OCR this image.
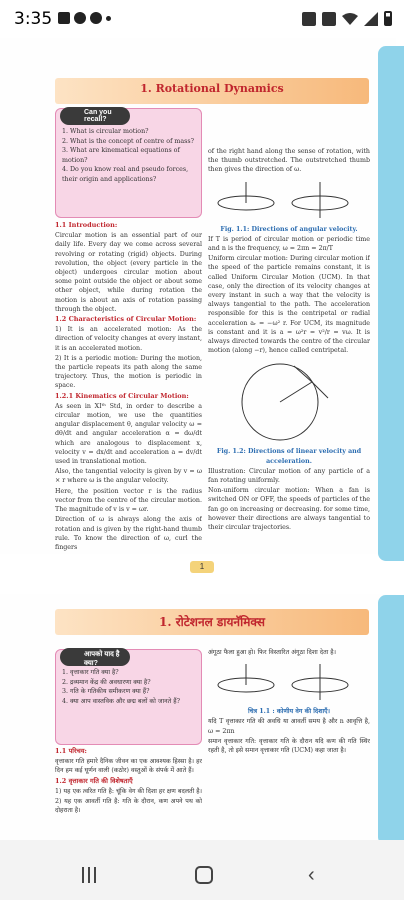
3:35
1. Rotational Dynamics
Can you recall?
1. What is circular motion?
2. What is the concept of centre of mass?
3. What are kinematical equations of motion?
4. Do you know real and pseudo forces, their origin and applications?

1.1 Introduction:

Circular motion is an essential part of our daily life. Every day we come across several revolving or rotating (rigid) objects. During revolution, the object (every particle in the object) undergoes circular motion about some point outside the object or about some other object, while during rotation the motion is about an axis of rotation passing through the object.

1.2 Characteristics of Circular Motion:

1) It is an accelerated motion: As the direction of velocity changes at every instant, it is an accelerated motion.

2) It is a periodic motion: During the motion, the particle repeats its path along the same trajectory. Thus, the motion is periodic in space.

1.2.1 Kinematics of Circular Motion:

As seen in XIᵗʰ Std, in order to describe a circular motion, we use the quantities angular displacement θ, angular velocity ω = dθ/dt and angular acceleration α = dω/dt which are analogous to displacement x, velocity v = dx/dt and acceleration a = dv/dt used in translational motion.

Also, the tangential velocity is given by v = ω × r where ω is the angular velocity.

Here, the position vector r is the radius vector from the centre of the circular motion. The magnitude of v is v = ωr.

Direction of ω is always along the axis of rotation and is given by the right-hand thumb rule. To know the direction of ω, curl the fingers

of the right hand along the sense of rotation, with the thumb outstretched. The outstretched thumb then gives the direction of ω.

Fig. 1.1: Directions of angular velocity.

If T is period of circular motion or periodic time and n is the frequency, ω = 2πn = 2π/T

Uniform circular motion: During circular motion if the speed of the particle remains constant, it is called Uniform Circular Motion (UCM). In that case, only the direction of its velocity changes at every instant in such a way that the velocity is always tangential to the path. The acceleration responsible for this is the centripetal or radial acceleration aᵣ = −ω² r. For UCM, its magnitude is constant and it is a = ω²r = v²/r = vω. It is always directed towards the centre of the circular motion (along −r), hence called centripetal.

Fig. 1.2: Directions of linear velocity and acceleration.

Illustration: Circular motion of any particle of a fan rotating uniformly.

Non-uniform circular motion: When a fan is switched ON or OFF, the speeds of particles of the fan go on increasing or decreasing. for some time, however their directions are always tangential to their circular trajectories.

1
1. रोटेशनल डायनॅमिक्स
आपको याद है क्या?
1. वृत्ताकार गति क्या है?
2. द्रव्यमान केंद्र की अवधारणा क्या है?
3. गति के गतिकीय समीकरण क्या हैं?
4. क्या आप वास्तविक और छद्म बलों को जानते हैं?

1.1 परिचय:

वृत्ताकार गति हमारे दैनिक जीवन का एक आवश्यक हिस्सा है। हर दिन हम कई घूर्णन वाली (कठोर) वस्तुओं के संपर्क में आते हैं।

1.2 वृत्ताकार गति की विशेषताएँ

1) यह एक त्वरित गति है: चूंकि वेग की दिशा हर क्षण बदलती है।

2) यह एक आवर्ती गति है: गति के दौरान, कण अपने पथ को दोहराता है।

अंगूठा फैला हुआ हो। फिर विस्तारित अंगूठा दिशा देता है।

चित्र 1.1 : कोणीय वेग की दिशाएँ।

यदि T वृत्ताकार गति की अवधि या आवर्ती समय है और n आवृत्ति है, ω = 2πn

समान वृत्ताकार गति: वृत्ताकार गति के दौरान यदि कण की गति स्थिर रहती है, तो इसे समान वृत्ताकार गति (UCM) कहा जाता है।

‹
